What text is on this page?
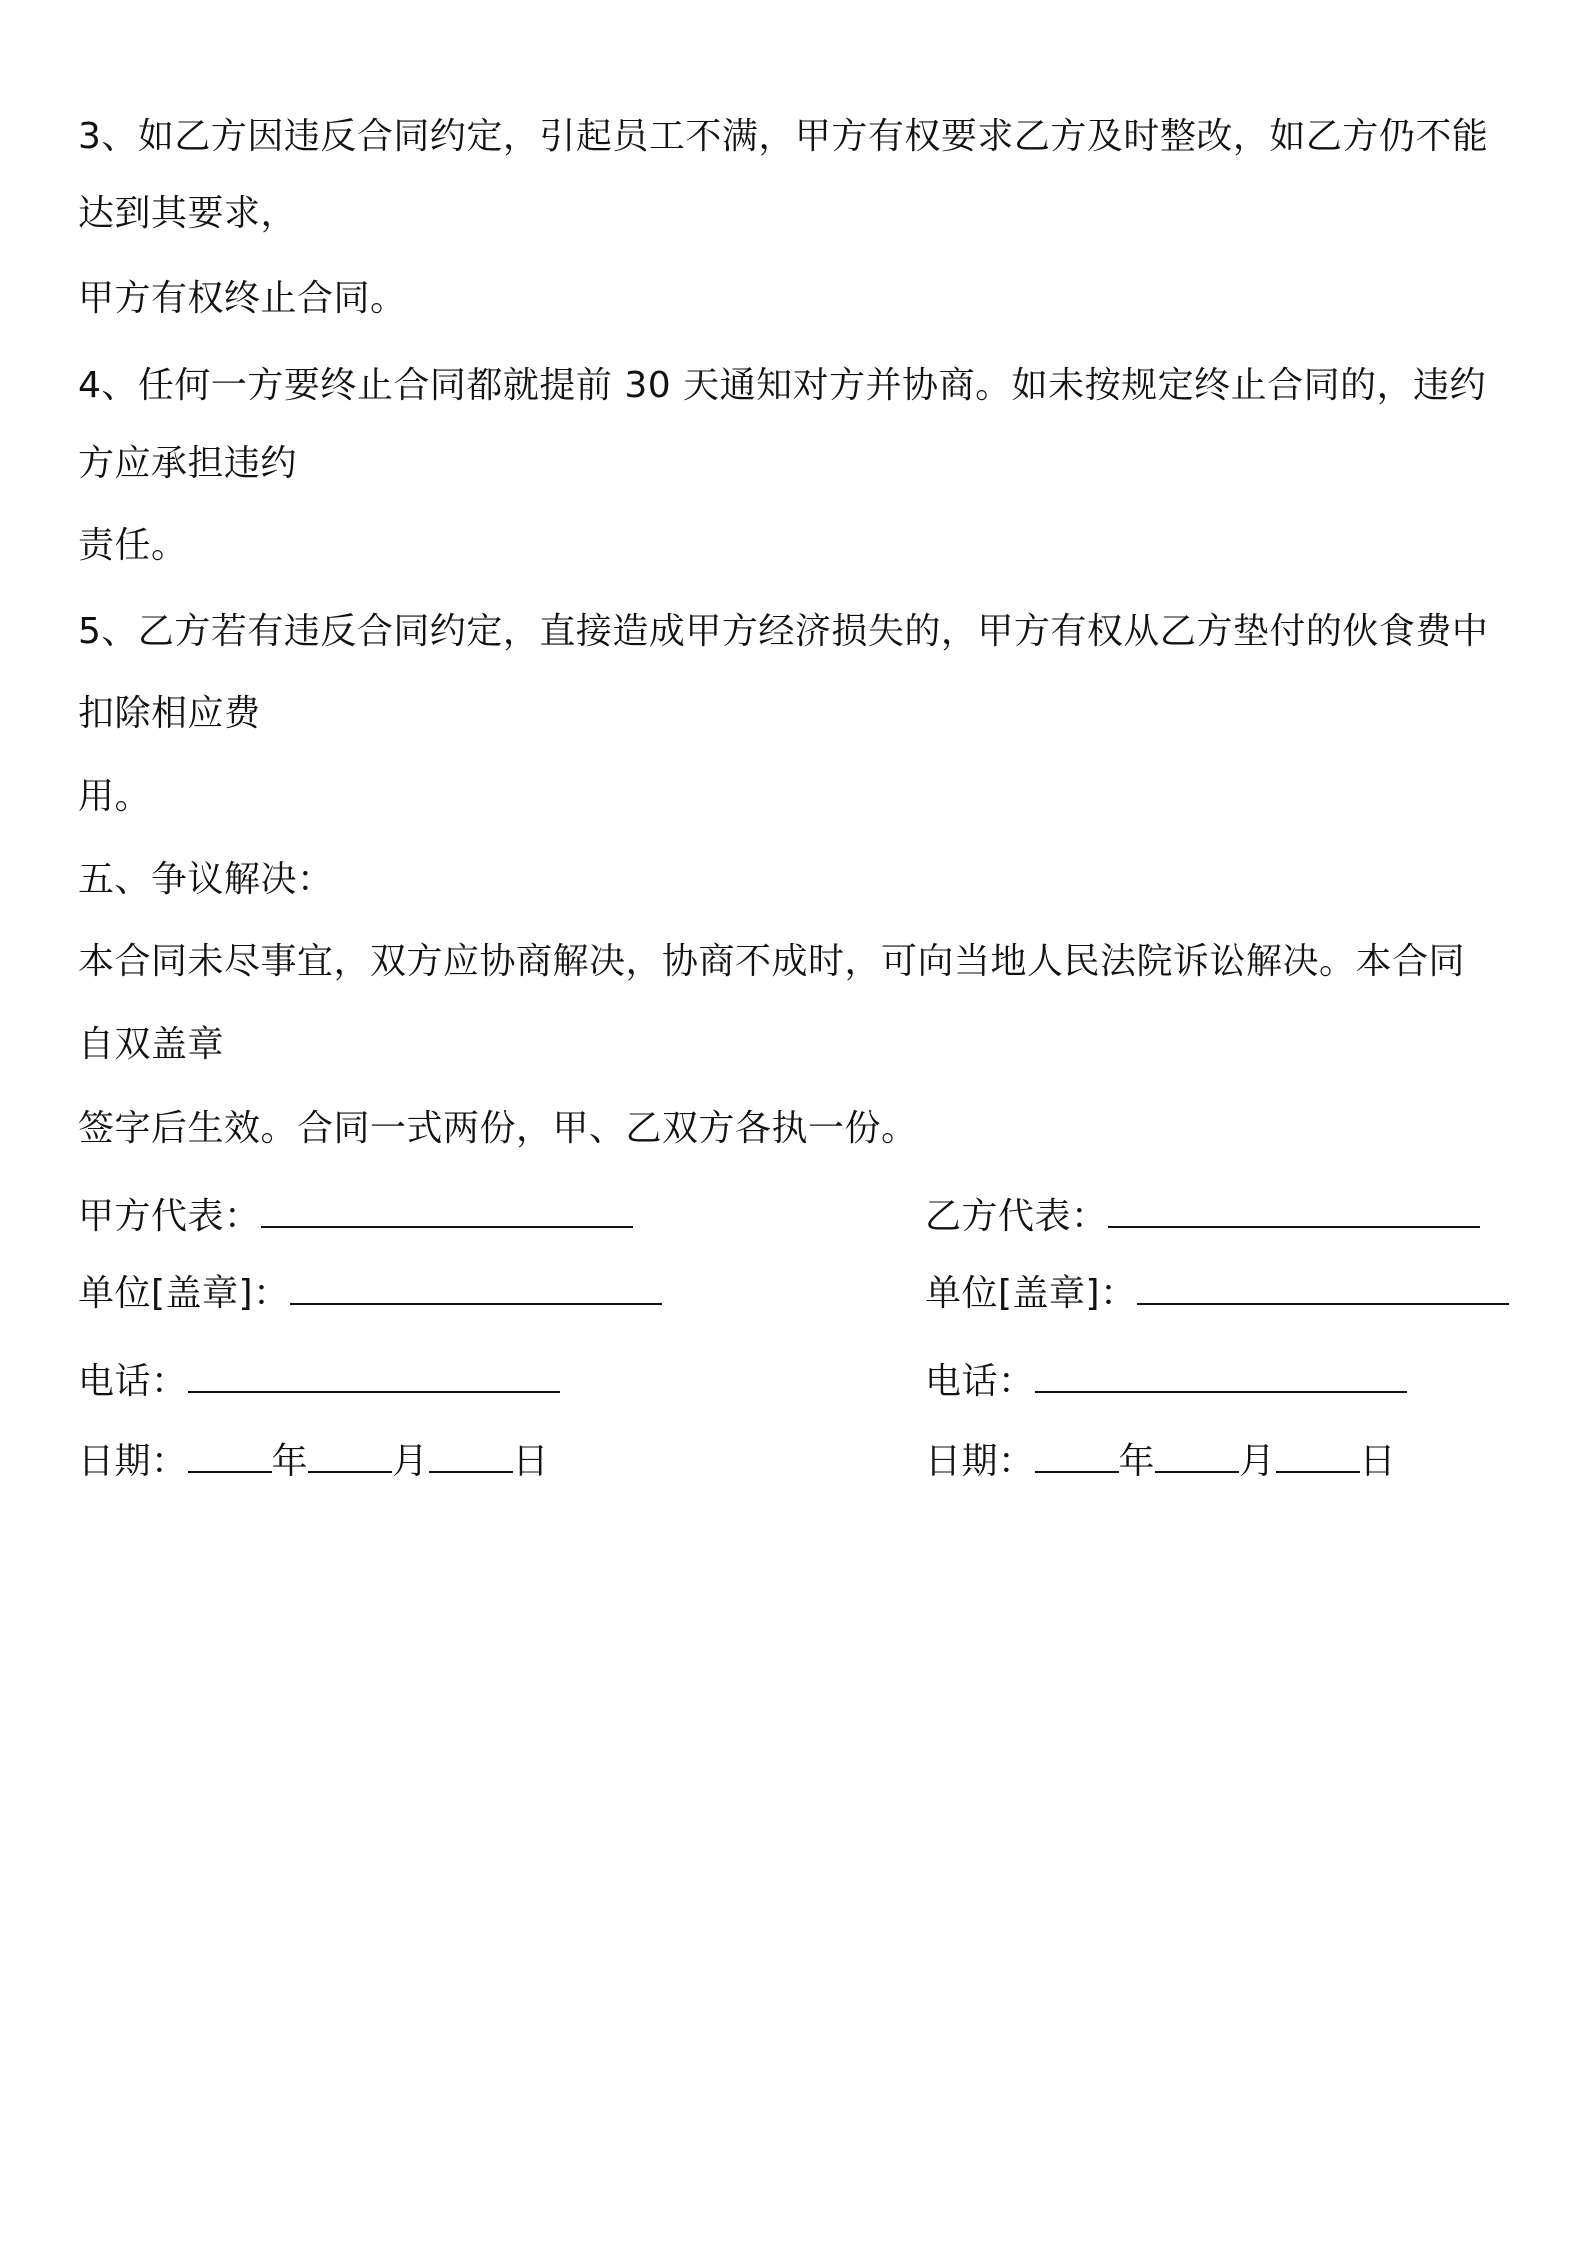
3、如乙方因违反合同约定，引起员工不满，甲方有权要求乙方及时整改，如乙方仍不能
达到其要求，
甲方有权终止合同。
4、任何一方要终止合同都就提前 30 天通知对方并协商。如未按规定终止合同的，违约
方应承担违约
责任。
5、乙方若有违反合同约定，直接造成甲方经济损失的，甲方有权从乙方垫付的伙食费中
扣除相应费
用。
五、争议解决：
本合同未尽事宜，双方应协商解决，协商不成时，可向当地人民法院诉讼解决。本合同
自双盖章
签字后生效。合同一式两份，甲、乙双方各执一份。
甲方代表：
单位[盖章]：
电话：
日期： 年 月 日
乙方代表：
单位[盖章]：
电话：
日期： 年 月 日
